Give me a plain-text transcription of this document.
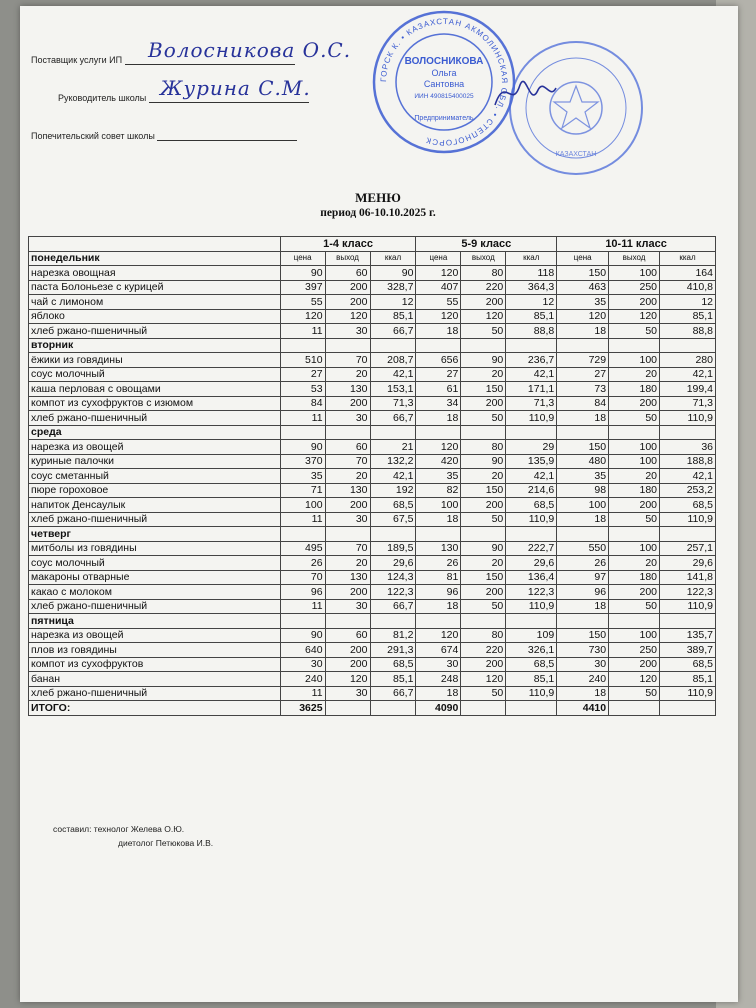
Поставщик услуги ИП	Волосникова О.С.
Руководитель школы Журина С.М.
Попечительский совет школы
ГОРСК К. • КАЗАХСТАН АКМОЛИНСКАЯ ОБЛ. • СТЕПНОГОРСК
ВОЛОСНИКОВА
Ольга
Сантовна
ИИН 490815400025
Предприниматель
КАЗАХСТАН
МЕНЮ
период 06-10.10.2025 г.
	1-4 класс			5-9 класс			10-11 класс		
понедельник	цена	выход	ккал	цена	выход	ккал	цена	выход	ккал
нарезка овощная	90	60	90	120	80	118	150	100	164
паста Болоньезе с курицей	397	200	328,7	407	220	364,3	463	250	410,8
чай с лимоном	55	200	12	55	200	12	35	200	12
яблоко	120	120	85,1	120	120	85,1	120	120	85,1
хлеб ржано-пшеничный	11	30	66,7	18	50	88,8	18	50	88,8
вторник									
ёжики из говядины	510	70	208,7	656	90	236,7	729	100	280
соус молочный	27	20	42,1	27	20	42,1	27	20	42,1
каша перловая с овощами	53	130	153,1	61	150	171,1	73	180	199,4
компот из сухофруктов с изюмом	84	200	71,3	34	200	71,3	84	200	71,3
хлеб ржано-пшеничный	11	30	66,7	18	50	110,9	18	50	110,9
среда									
нарезка из овощей	90	60	21	120	80	29	150	100	36
куриные палочки	370	70	132,2	420	90	135,9	480	100	188,8
соус сметанный	35	20	42,1	35	20	42,1	35	20	42,1
пюре гороховое	71	130	192	82	150	214,6	98	180	253,2
напиток Денсаулык	100	200	68,5	100	200	68,5	100	200	68,5
хлеб ржано-пшеничный	11	30	67,5	18	50	110,9	18	50	110,9
четверг									
митболы из говядины	495	70	189,5	130	90	222,7	550	100	257,1
соус молочный	26	20	29,6	26	20	29,6	26	20	29,6
макароны отварные	70	130	124,3	81	150	136,4	97	180	141,8
какао с молоком	96	200	122,3	96	200	122,3	96	200	122,3
хлеб ржано-пшеничный	11	30	66,7	18	50	110,9	18	50	110,9
пятница									
нарезка из овощей	90	60	81,2	120	80	109	150	100	135,7
плов из говядины	640	200	291,3	674	220	326,1	730	250	389,7
компот из сухофруктов	30	200	68,5	30	200	68,5	30	200	68,5
банан	240	120	85,1	248	120	85,1	240	120	85,1
хлеб ржано-пшеничный	11	30	66,7	18	50	110,9	18	50	110,9
ИТОГО:	3625			4090			4410		
составил: технолог Желева О.Ю.
диетолог Петюкова И.В.
